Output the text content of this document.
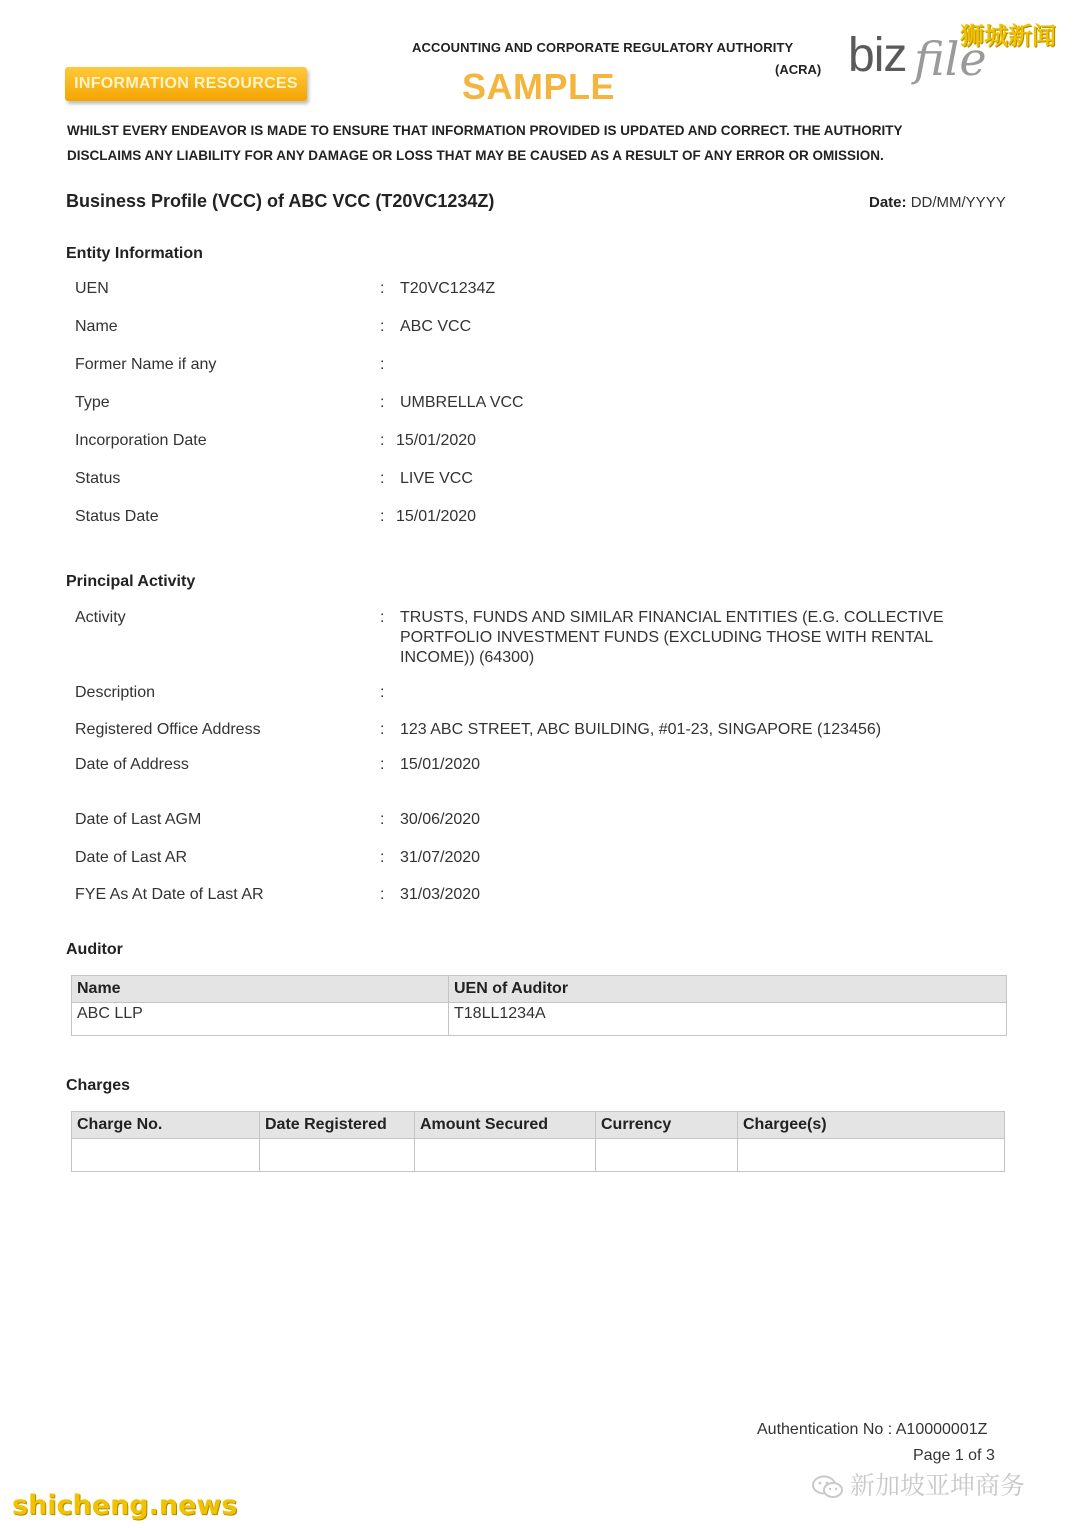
ACCOUNTING AND CORPORATE REGULATORY AUTHORITY
(ACRA) biz file
狮城新闻
INFORMATION RESOURCES	SAMPLE
WHILST EVERY ENDEAVOR IS MADE TO ENSURE THAT INFORMATION PROVIDED IS UPDATED AND CORRECT. THE AUTHORITY
DISCLAIMS ANY LIABILITY FOR ANY DAMAGE OR LOSS THAT MAY BE CAUSED AS A RESULT OF ANY ERROR OR OMISSION.
Business Profile (VCC) of ABC VCC (T20VC1234Z)	Date: DD/MM/YYYY
Entity Information
UEN	: T20VC1234Z
Name	: ABC VCC
Former Name if any	:
Type	: UMBRELLA VCC
Incorporation Date	: 15/01/2020
Status	: LIVE VCC
Status Date	: 15/01/2020
Principal Activity
Activity	: TRUSTS, FUNDS AND SIMILAR FINANCIAL ENTITIES (E.G. COLLECTIVE
PORTFOLIO INVESTMENT FUNDS (EXCLUDING THOSE WITH RENTAL
INCOME)) (64300)
Description	:
Registered Office Address	: 123 ABC STREET, ABC BUILDING, #01-23, SINGAPORE (123456)
Date of Address	: 15/01/2020
Date of Last AGM	: 30/06/2020
Date of Last AR	: 31/07/2020
FYE As At Date of Last AR	: 31/03/2020
Auditor
Name	UEN of Auditor
ABC LLP	T18LL1234A
Charges
Charge No.	Date Registered	Amount Secured	Currency	Chargee(s)

Authentication No : A10000001Z
Page 1 of 3
shicheng.news
新加坡亚坤商务
